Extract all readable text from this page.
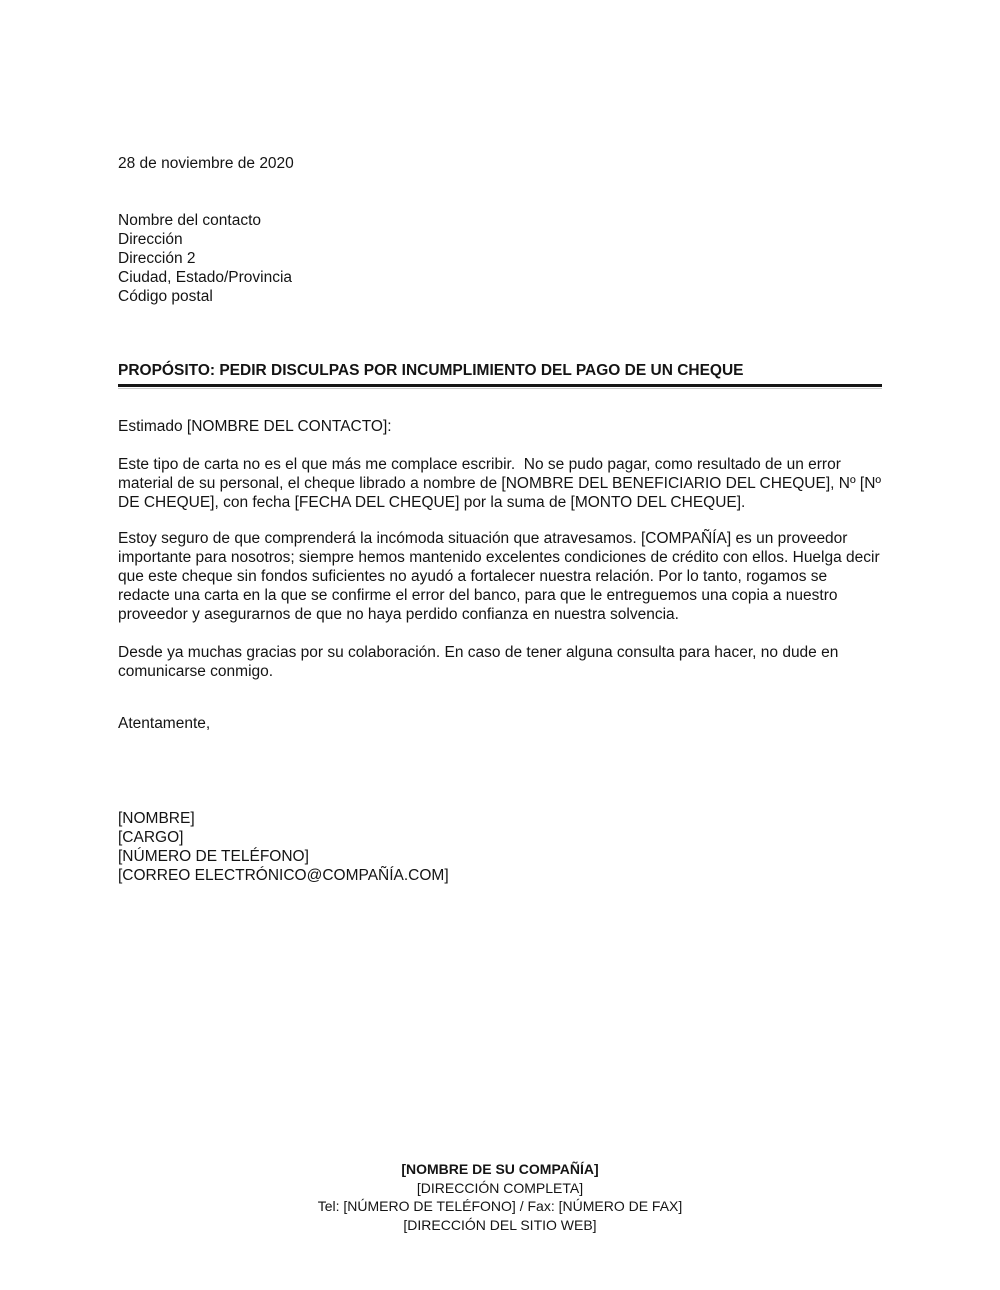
28 de noviembre de 2020
Nombre del contacto
Dirección
Dirección 2
Ciudad, Estado/Provincia
Código postal
PROPÓSITO: PEDIR DISCULPAS POR INCUMPLIMIENTO DEL PAGO DE UN CHEQUE
Estimado [NOMBRE DEL CONTACTO]:

Este tipo de carta no es el que más me complace escribir.  No se pudo pagar, como resultado de un error material de su personal, el cheque librado a nombre de [NOMBRE DEL BENEFICIARIO DEL CHEQUE], Nº [Nº DE CHEQUE], con fecha [FECHA DEL CHEQUE] por la suma de [MONTO DEL CHEQUE].

Estoy seguro de que comprenderá la incómoda situación que atravesamos. [COMPAÑÍA] es un proveedor importante para nosotros; siempre hemos mantenido excelentes condiciones de crédito con ellos. Huelga decir que este cheque sin fondos suficientes no ayudó a fortalecer nuestra relación. Por lo tanto, rogamos se redacte una carta en la que se confirme el error del banco, para que le entreguemos una copia a nuestro proveedor y asegurarnos de que no haya perdido confianza en nuestra solvencia.

Desde ya muchas gracias por su colaboración. En caso de tener alguna consulta para hacer, no dude en comunicarse conmigo.

Atentamente,
[NOMBRE]
[CARGO]
[NÚMERO DE TELÉFONO]
[CORREO ELECTRÓNICO@COMPAÑÍA.COM]
[NOMBRE DE SU COMPAÑÍA]
[DIRECCIÓN COMPLETA]
Tel: [NÚMERO DE TELÉFONO] / Fax: [NÚMERO DE FAX]
[DIRECCIÓN DEL SITIO WEB]
